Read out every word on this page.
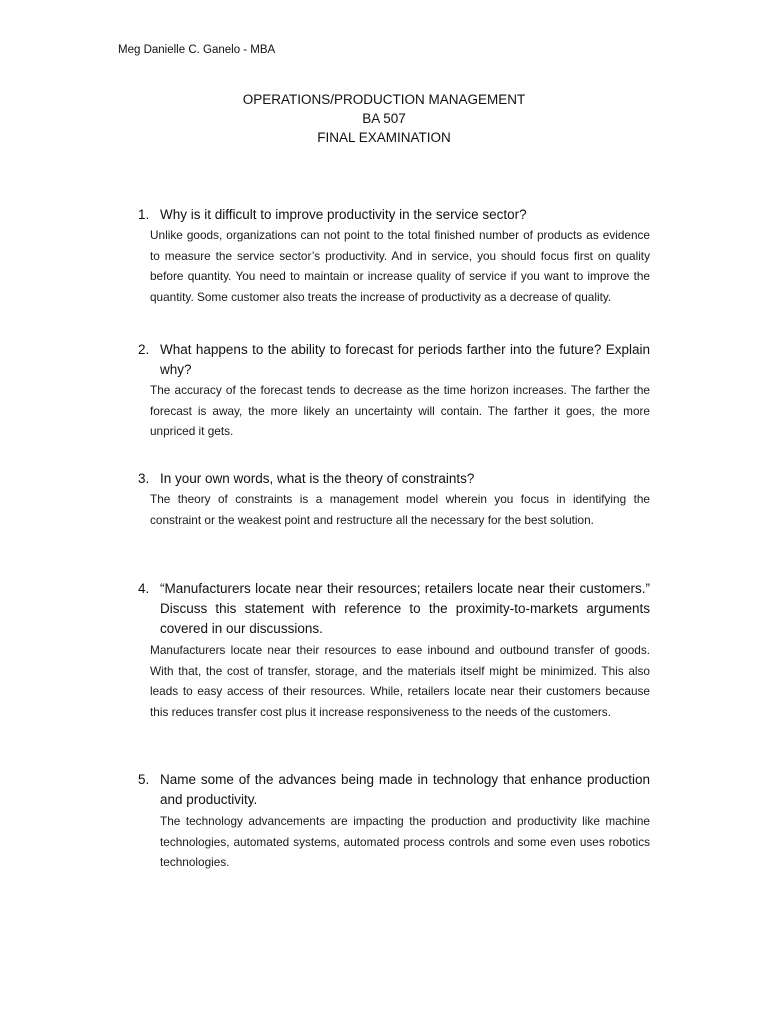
Meg Danielle C. Ganelo - MBA

OPERATIONS/PRODUCTION MANAGEMENT
BA 507
FINAL EXAMINATION
1. Why is it difficult to improve productivity in the service sector?

Unlike goods, organizations can not point to the total finished number of products as evidence to measure the service sector’s productivity. And in service, you should focus first on quality before quantity. You need to maintain or increase quality of service if you want to improve the quantity. Some customer also treats the increase of productivity as a decrease of quality.

2. What happens to the ability to forecast for periods farther into the future? Explain why?

The accuracy of the forecast tends to decrease as the time horizon increases. The farther the forecast is away, the more likely an uncertainty will contain. The farther it goes, the more unpriced it gets.

3. In your own words, what is the theory of constraints?

The theory of constraints is a management model wherein you focus in identifying the constraint or the weakest point and restructure all the necessary for the best solution.

4. “Manufacturers locate near their resources; retailers locate near their customers.” Discuss this statement with reference to the proximity-to-markets arguments covered in our discussions.

Manufacturers locate near their resources to ease inbound and outbound transfer of goods. With that, the cost of transfer, storage, and the materials itself might be minimized. This also leads to easy access of their resources. While, retailers locate near their customers because this reduces transfer cost plus it increase responsiveness to the needs of the customers.

5. Name some of the advances being made in technology that enhance production and productivity.

The technology advancements are impacting the production and productivity like machine technologies, automated systems, automated process controls and some even uses robotics technologies.
